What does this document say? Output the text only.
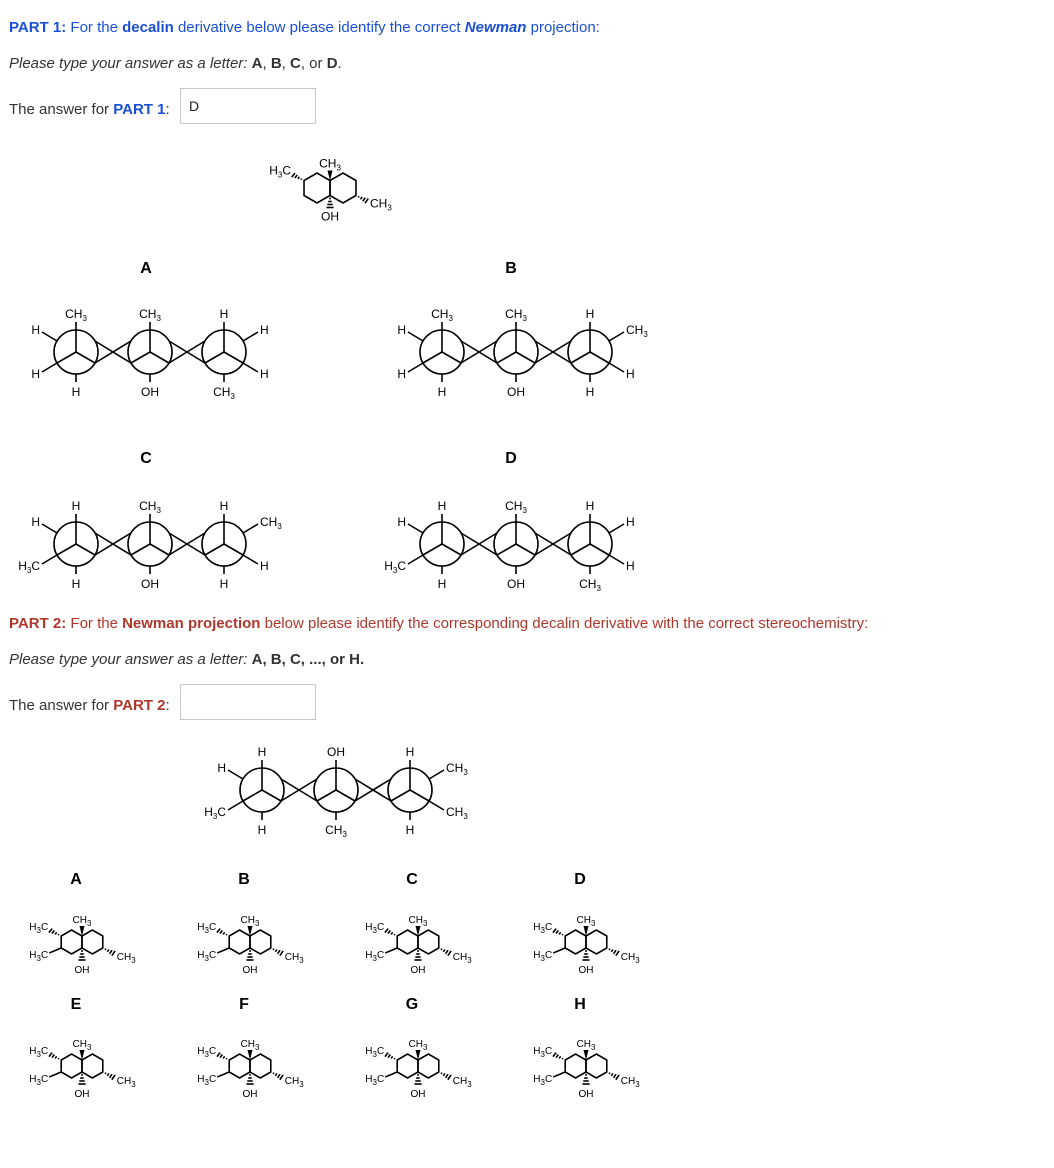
PART 1: For the decalin derivative below please identify the correct Newman projection:
Please type your answer as a letter: A, B, C, or D.
The answer for PART 1:	D
PART 2: For the Newman projection below please identify the corresponding decalin derivative with the correct stereochemistry:
Please type your answer as a letter: A, B, C, ..., or H.
The answer for PART 2:
$CH_3$
OH
$CH_3$
$H_3C$
A	B
C	D
$CH_3$
H
$CH_3$
OH
H
$CH_3$
H
H
H
H
$CH_3$
H
$CH_3$
OH
H
H
H
H
$CH_3$
H
H
H
$CH_3$
OH
H
H
H
$H_3C$
$CH_3$
H
H
H
$CH_3$
OH
H
$CH_3$
H
$H_3C$
H
H
H
H
OH
$CH_3$
H
H
H
$H_3C$
$CH_3$
$CH_3$
A
$CH_3$
OH
$CH_3$
$H_3C$
$H_3C$
B
$CH_3$
OH
$CH_3$
$H_3C$
$H_3C$
C
$CH_3$
OH
$CH_3$
$H_3C$
$H_3C$
D
$CH_3$
OH
$CH_3$
$H_3C$
$H_3C$
E
$CH_3$
OH
$CH_3$
$H_3C$
$H_3C$
F
$CH_3$
OH
$CH_3$
$H_3C$
$H_3C$
G
$CH_3$
OH
$CH_3$
$H_3C$
$H_3C$
H
$CH_3$
OH
$CH_3$
$H_3C$
$H_3C$
